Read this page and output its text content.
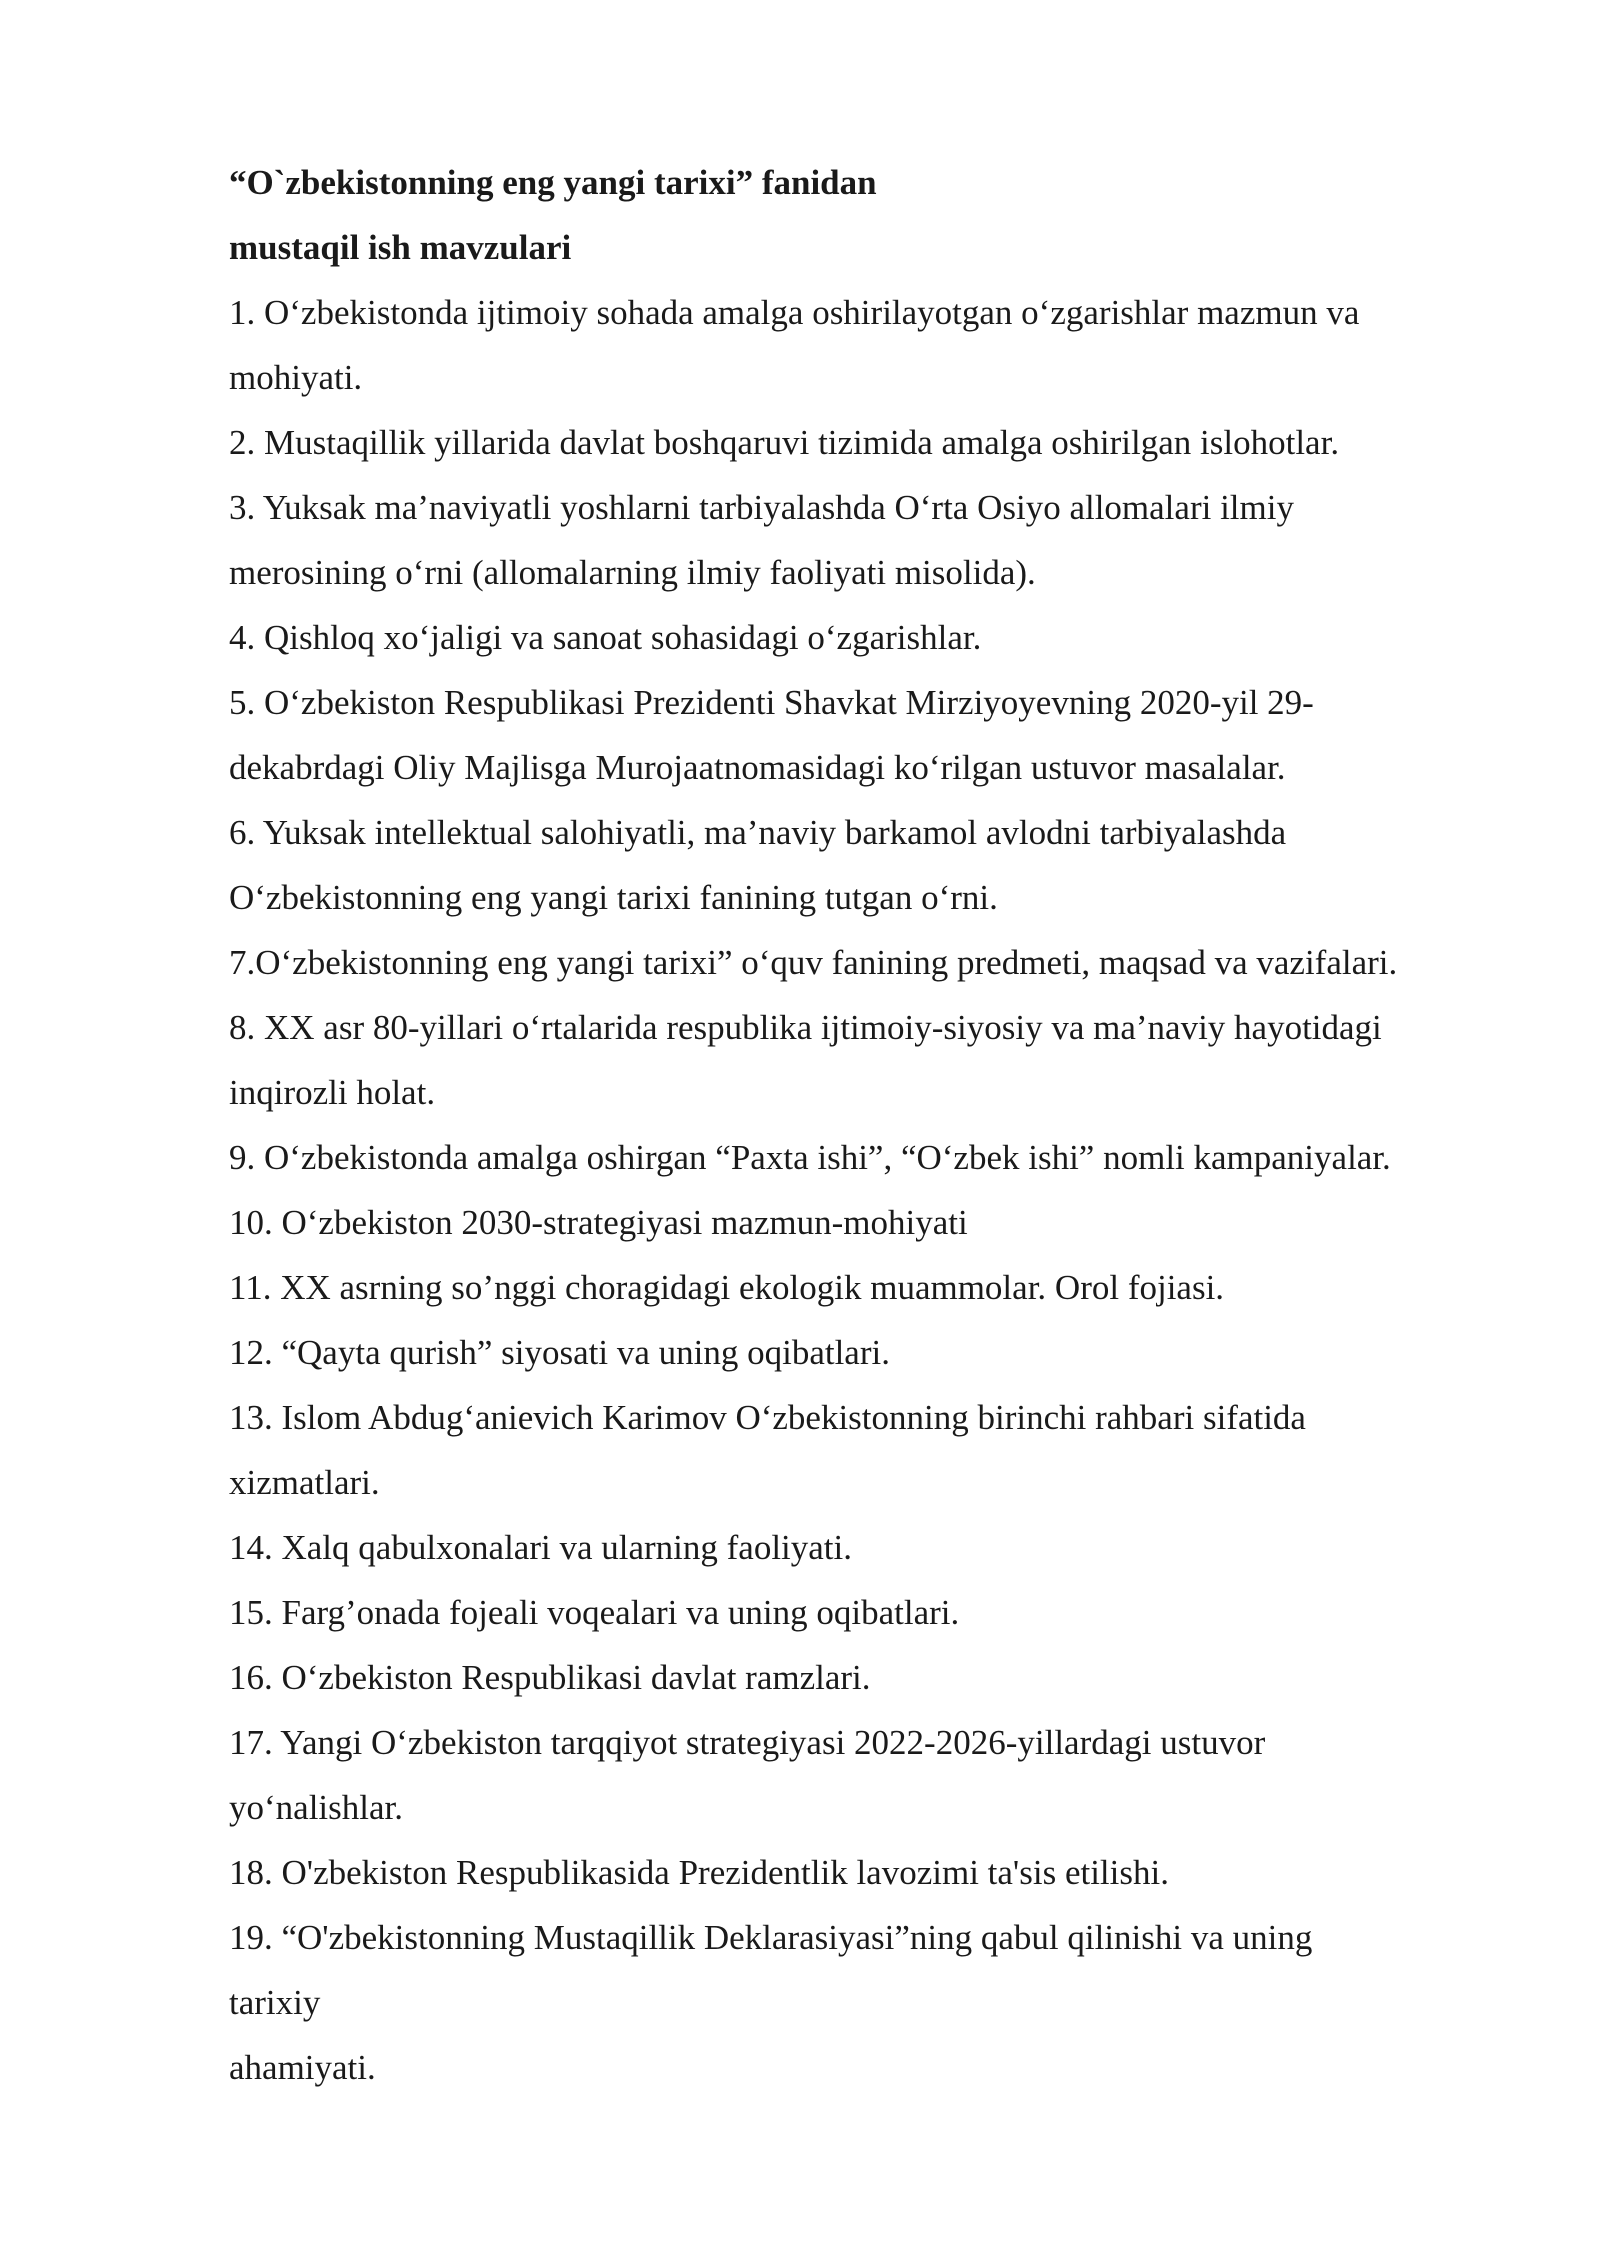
“O`zbekistonning eng yangi tarixi” fanidan
mustaqil ish mavzulari
1. O‘zbekistonda ijtimoiy sohada amalga oshirilayotgan o‘zgarishlar mazmun va
mohiyati.
2. Mustaqillik yillarida davlat boshqaruvi tizimida amalga oshirilgan islohotlar.
3. Yuksak ma’naviyatli yoshlarni tarbiyalashda O‘rta Osiyo allomalari ilmiy
merosining o‘rni (allomalarning ilmiy faoliyati misolida).
4. Qishloq xo‘jaligi va sanoat sohasidagi o‘zgarishlar.
5. O‘zbekiston Respublikasi Prezidenti Shavkat Mirziyoyevning 2020-yil 29-
dekabrdagi Oliy Majlisga Murojaatnomasidagi ko‘rilgan ustuvor masalalar.
6. Yuksak intellektual salohiyatli, ma’naviy barkamol avlodni tarbiyalashda
O‘zbekistonning eng yangi tarixi fanining tutgan o‘rni.
7.O‘zbekistonning eng yangi tarixi” o‘quv fanining predmeti, maqsad va vazifalari.
8. XX asr 80-yillari o‘rtalarida respublika ijtimoiy-siyosiy va ma’naviy hayotidagi
inqirozli holat.
9. O‘zbekistonda amalga oshirgan “Paxta ishi”, “O‘zbek ishi” nomli kampaniyalar.
10. O‘zbekiston 2030-strategiyasi mazmun-mohiyati
11. XX asrning so’nggi choragidagi ekologik muammolar. Orol fojiasi.
12. “Qayta qurish” siyosati va uning oqibatlari.
13. Islom Abdug‘anievich Karimov O‘zbekistonning birinchi rahbari sifatida
xizmatlari.
14. Xalq qabulxonalari va ularning faoliyati.
15. Farg’onada fojeali voqealari va uning oqibatlari.
16. O‘zbekiston Respublikasi davlat ramzlari.
17. Yangi O‘zbekiston tarqqiyot strategiyasi 2022-2026-yillardagi ustuvor
yo‘nalishlar.
18. O'zbekiston Respublikasida Prezidentlik lavozimi ta'sis etilishi.
19. “O'zbekistonning Mustaqillik Deklarasiyasi”ning qabul qilinishi va uning
tarixiy
ahamiyati.
